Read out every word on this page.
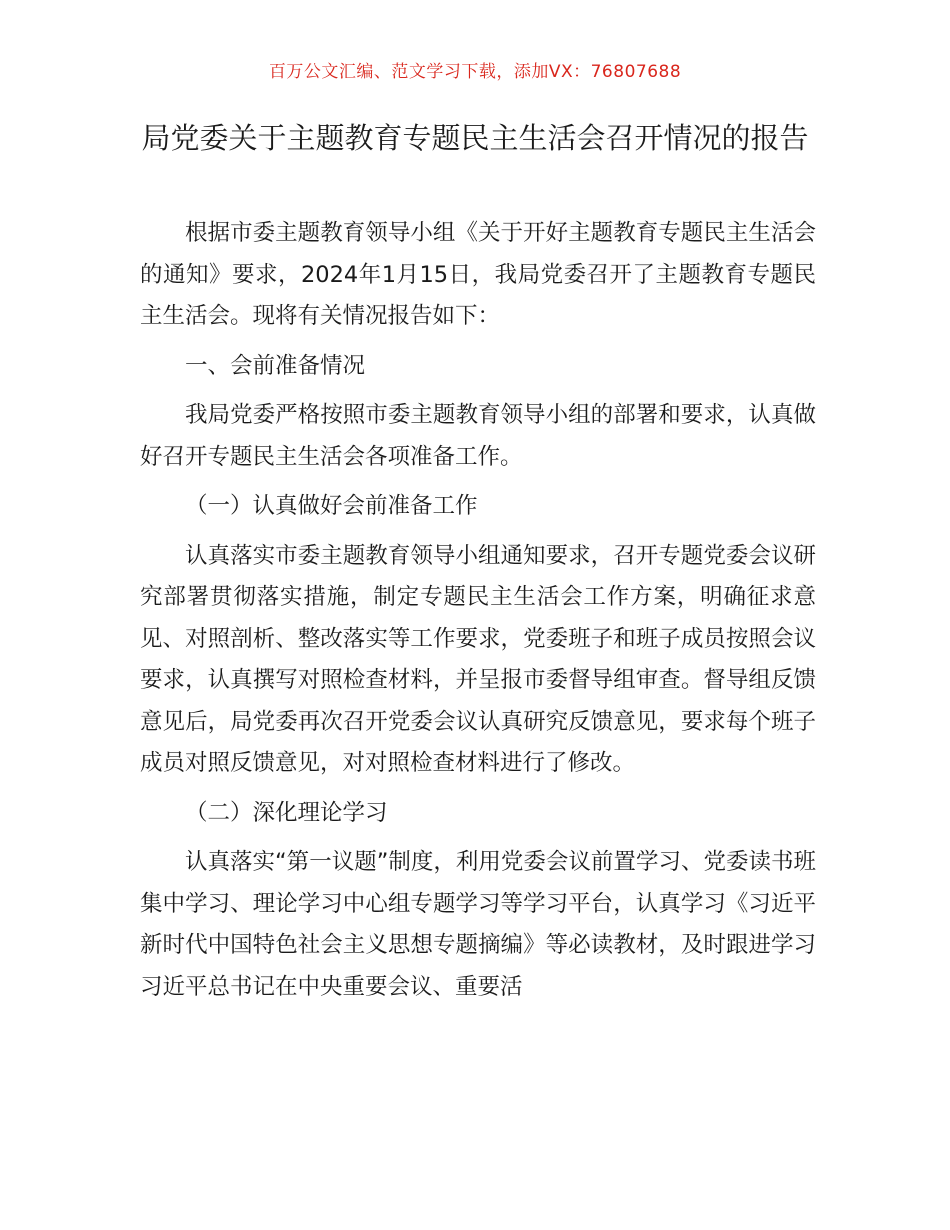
百万公文汇编、范文学习下载，添加VX：76807688
局党委关于主题教育专题民主生活会召开情况的报告

根据市委主题教育领导小组《关于开好主题教育专题民主生活会的通知》要求，2024年1月15日，我局党委召开了主题教育专题民主生活会。现将有关情况报告如下：

一、会前准备情况

我局党委严格按照市委主题教育领导小组的部署和要求，认真做好召开专题民主生活会各项准备工作。

（一）认真做好会前准备工作

认真落实市委主题教育领导小组通知要求，召开专题党委会议研究部署贯彻落实措施，制定专题民主生活会工作方案，明确征求意见、对照剖析、整改落实等工作要求，党委班子和班子成员按照会议要求，认真撰写对照检查材料，并呈报市委督导组审查。督导组反馈意见后，局党委再次召开党委会议认真研究反馈意见，要求每个班子成员对照反馈意见，对对照检查材料进行了修改。

（二）深化理论学习

认真落实“第一议题”制度，利用党委会议前置学习、党委读书班集中学习、理论学习中心组专题学习等学习平台，认真学习《习近平新时代中国特色社会主义思想专题摘编》等必读教材，及时跟进学习习近平总书记在中央重要会议、重要活
